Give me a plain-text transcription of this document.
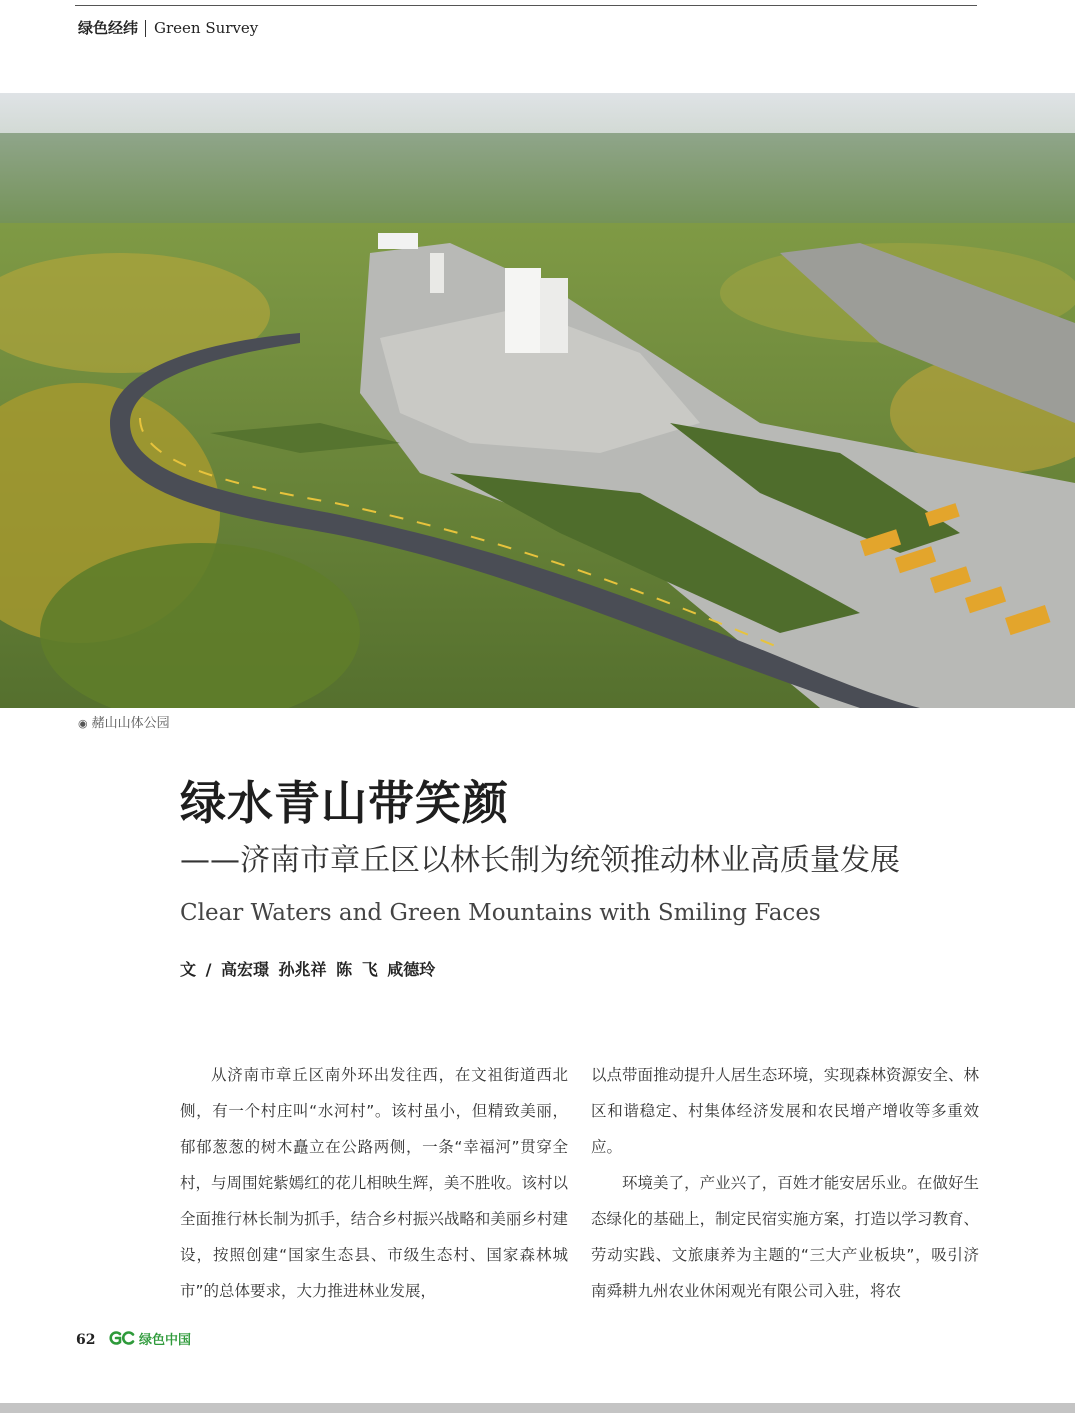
绿色经纬 Green Survey
◉ 赭山山体公园
绿水青山带笑颜
——济南市章丘区以林长制为统领推动林业高质量发展
Clear Waters and Green Mountains with Smiling Faces
文 / 高宏璟 孙兆祥 陈 飞 咸德玲

从济南市章丘区南外环出发往西，在文祖街道西北侧，有一个村庄叫“水河村”。该村虽小，但精致美丽，郁郁葱葱的树木矗立在公路两侧，一条“幸福河”贯穿全村，与周围姹紫嫣红的花儿相映生辉，美不胜收。该村以全面推行林长制为抓手，结合乡村振兴战略和美丽乡村建设，按照创建“国家生态县、市级生态村、国家森林城市”的总体要求，大力推进林业发展，

以点带面推动提升人居生态环境，实现森林资源安全、林区和谐稳定、村集体经济发展和农民增产增收等多重效应。

环境美了，产业兴了，百姓才能安居乐业。在做好生态绿化的基础上，制定民宿实施方案，打造以学习教育、劳动实践、文旅康养为主题的“三大产业板块”，吸引济南舜耕九州农业休闲观光有限公司入驻，将农

62	绿色中国
